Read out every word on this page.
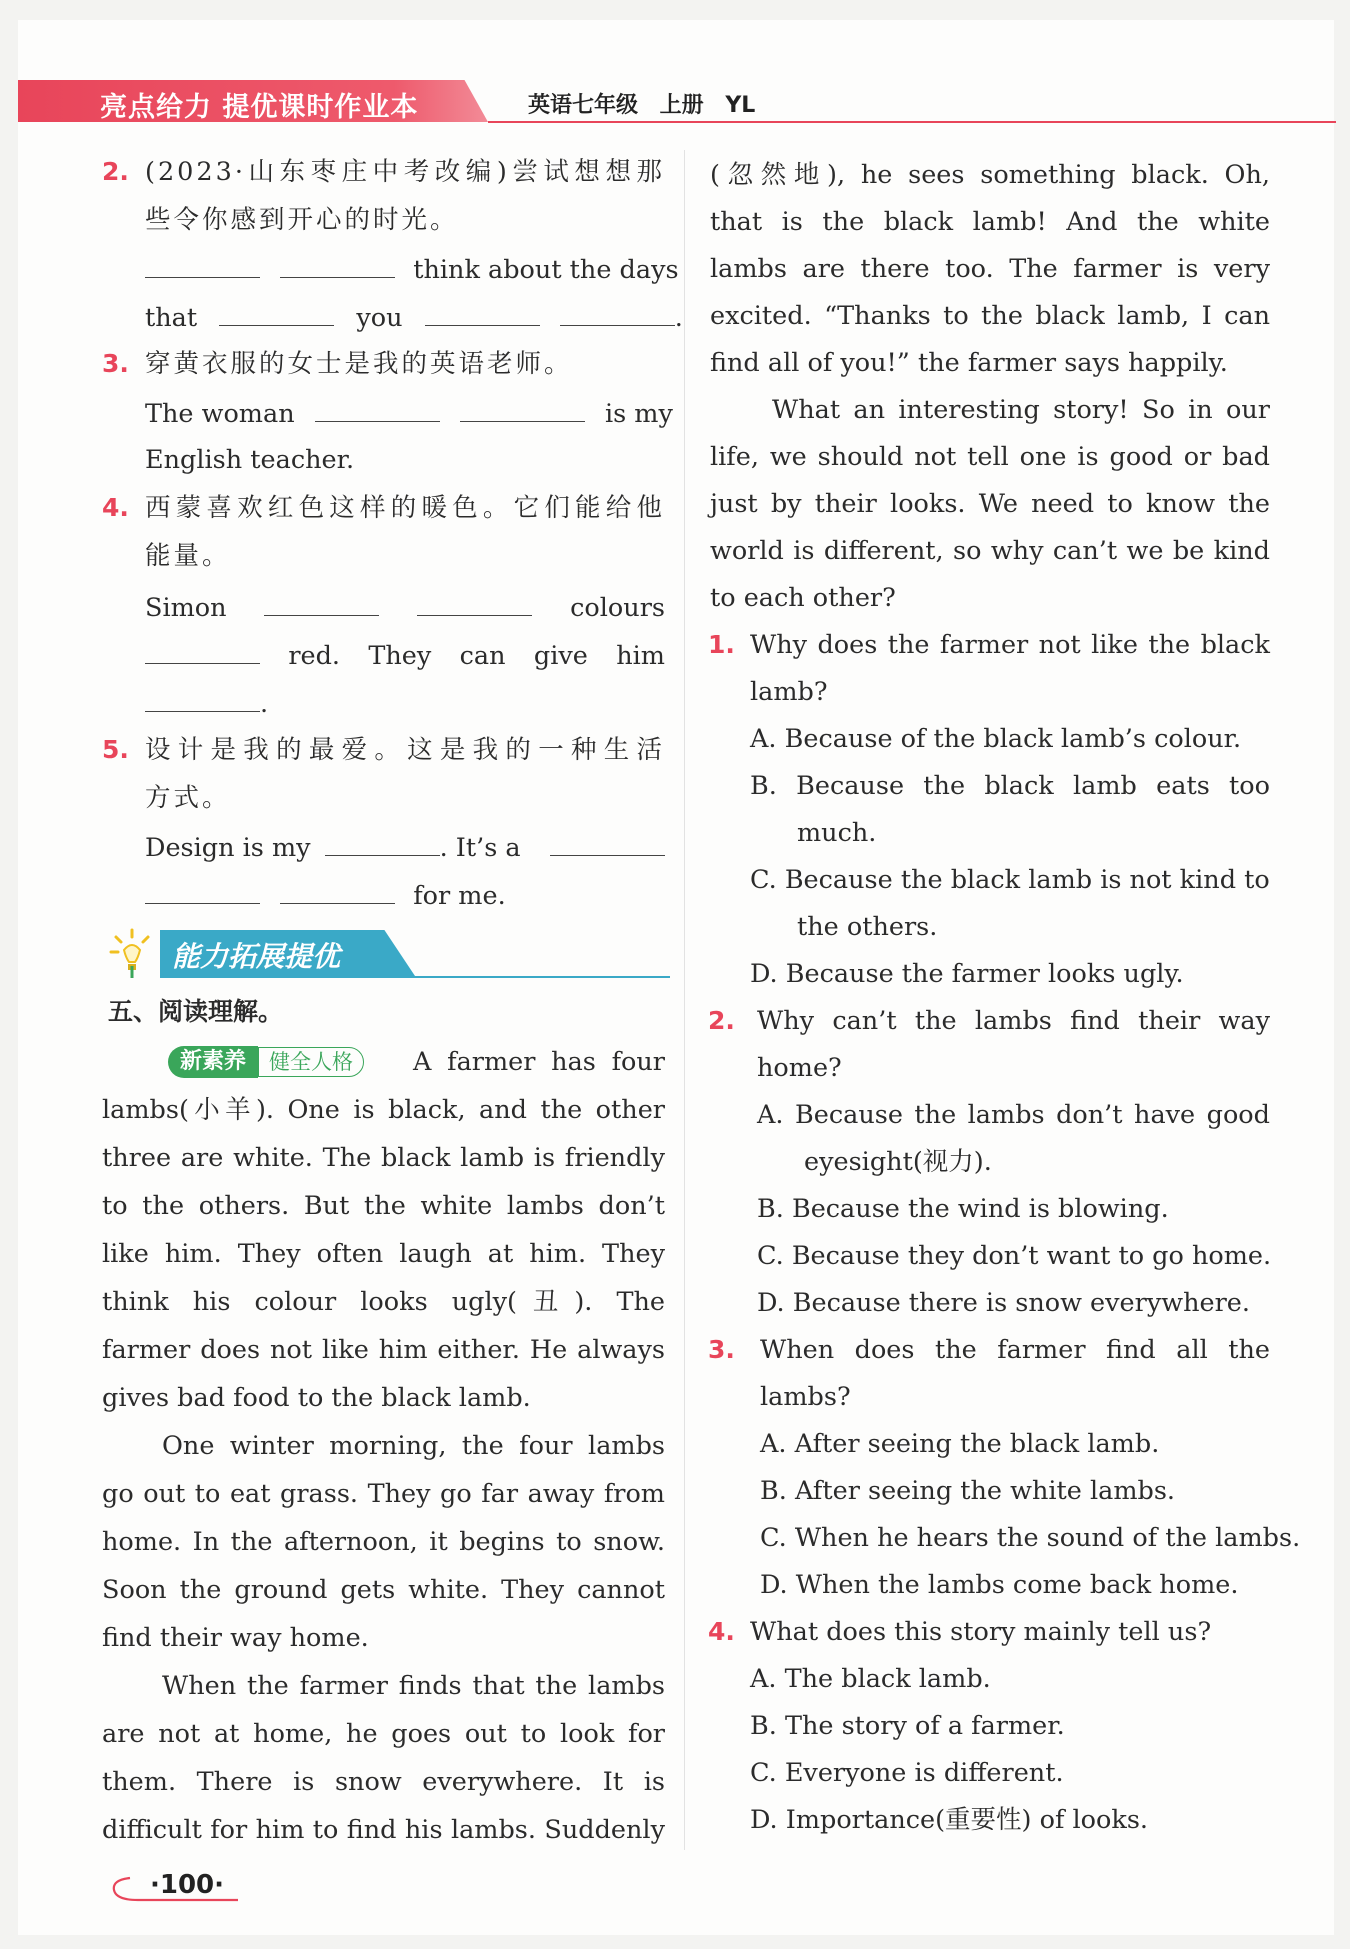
亮点给力 提优课时作业本	英语七年级 上册 YL
2. (2023·山东枣庄中考改编)尝试想想那
些令你感到开心的时光。
think about the days
that	you	.
3. 穿黄衣服的女士是我的英语老师。
The woman	is my
English teacher.
4. 西蒙喜欢红色这样的暖色。它们能给他
能量。
Simon	colours
red. They can give him
.
5. 设计是我的最爱。这是我的一种生活
方式。
Design is my	. It’s a
for me.
能力拓展提优
五、阅读理解。
新素养	健全人格	A farmer has four
lambs(小羊). One is black, and the other
three are white. The black lamb is friendly
to the others. But the white lambs don’t
like him. They often laugh at him. They
think his colour looks ugly(丑). The
farmer does not like him either. He always
gives bad food to the black lamb.
One winter morning, the four lambs
go out to eat grass. They go far away from
home. In the afternoon, it begins to snow.
Soon the ground gets white. They cannot
find their way home.
When the farmer finds that the lambs
are not at home, he goes out to look for
them. There is snow everywhere. It is
difficult for him to find his lambs. Suddenly
(忽然地), he sees something black. Oh,
that is the black lamb! And the white
lambs are there too. The farmer is very
excited. “Thanks to the black lamb, I can
find all of you!” the farmer says happily.
What an interesting story! So in our
life, we should not tell one is good or bad
just by their looks. We need to know the
world is different, so why can’t we be kind
to each other?
1. Why does the farmer not like the black
lamb?
A. Because of the black lamb’s colour.
B. Because the black lamb eats too
much.
C. Because the black lamb is not kind to
the others.
D. Because the farmer looks ugly.
2. Why can’t the lambs find their way
home?
A. Because the lambs don’t have good
eyesight(视力).
B. Because the wind is blowing.
C. Because they don’t want to go home.
D. Because there is snow everywhere.
3. When does the farmer find all the
lambs?
A. After seeing the black lamb.
B. After seeing the white lambs.
C. When he hears the sound of the lambs.
D. When the lambs come back home.
4. What does this story mainly tell us?
A. The black lamb.
B. The story of a farmer.
C. Everyone is different.
D. Importance(重要性) of looks.
·100·
